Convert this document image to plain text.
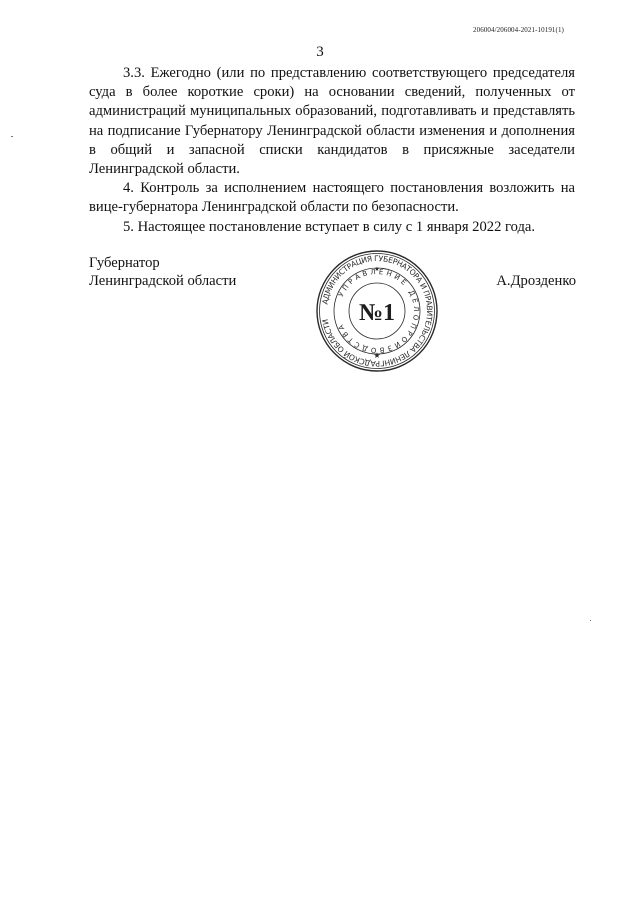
206004/206004-2021-10191(1)
3

3.3. Ежегодно (или по представлению соответствующего председателя суда в более короткие сроки) на основании сведений, полученных от администраций муниципальных образований, подготавливать и представлять на подписание Губернатору Ленинградской области изменения и дополнения в общий и запасной списки кандидатов в присяжные заседатели Ленинградской области.

4. Контроль за исполнением настоящего постановления возложить на вице-губернатора Ленинградской области по безопасности.

5. Настоящее постановление вступает в силу с 1 января 2022 года.

Губернатор
Ленинградской области	А.Дрозденко
АДМИНИСТРАЦИЯ ГУБЕРНАТОРА И ПРАВИТЕЛЬСТВА ЛЕНИНГРАДСКОЙ ОБЛАСТИ
УПРАВЛЕНИЕ ДЕЛОПРОИЗВОДСТВА
№1
★
★
